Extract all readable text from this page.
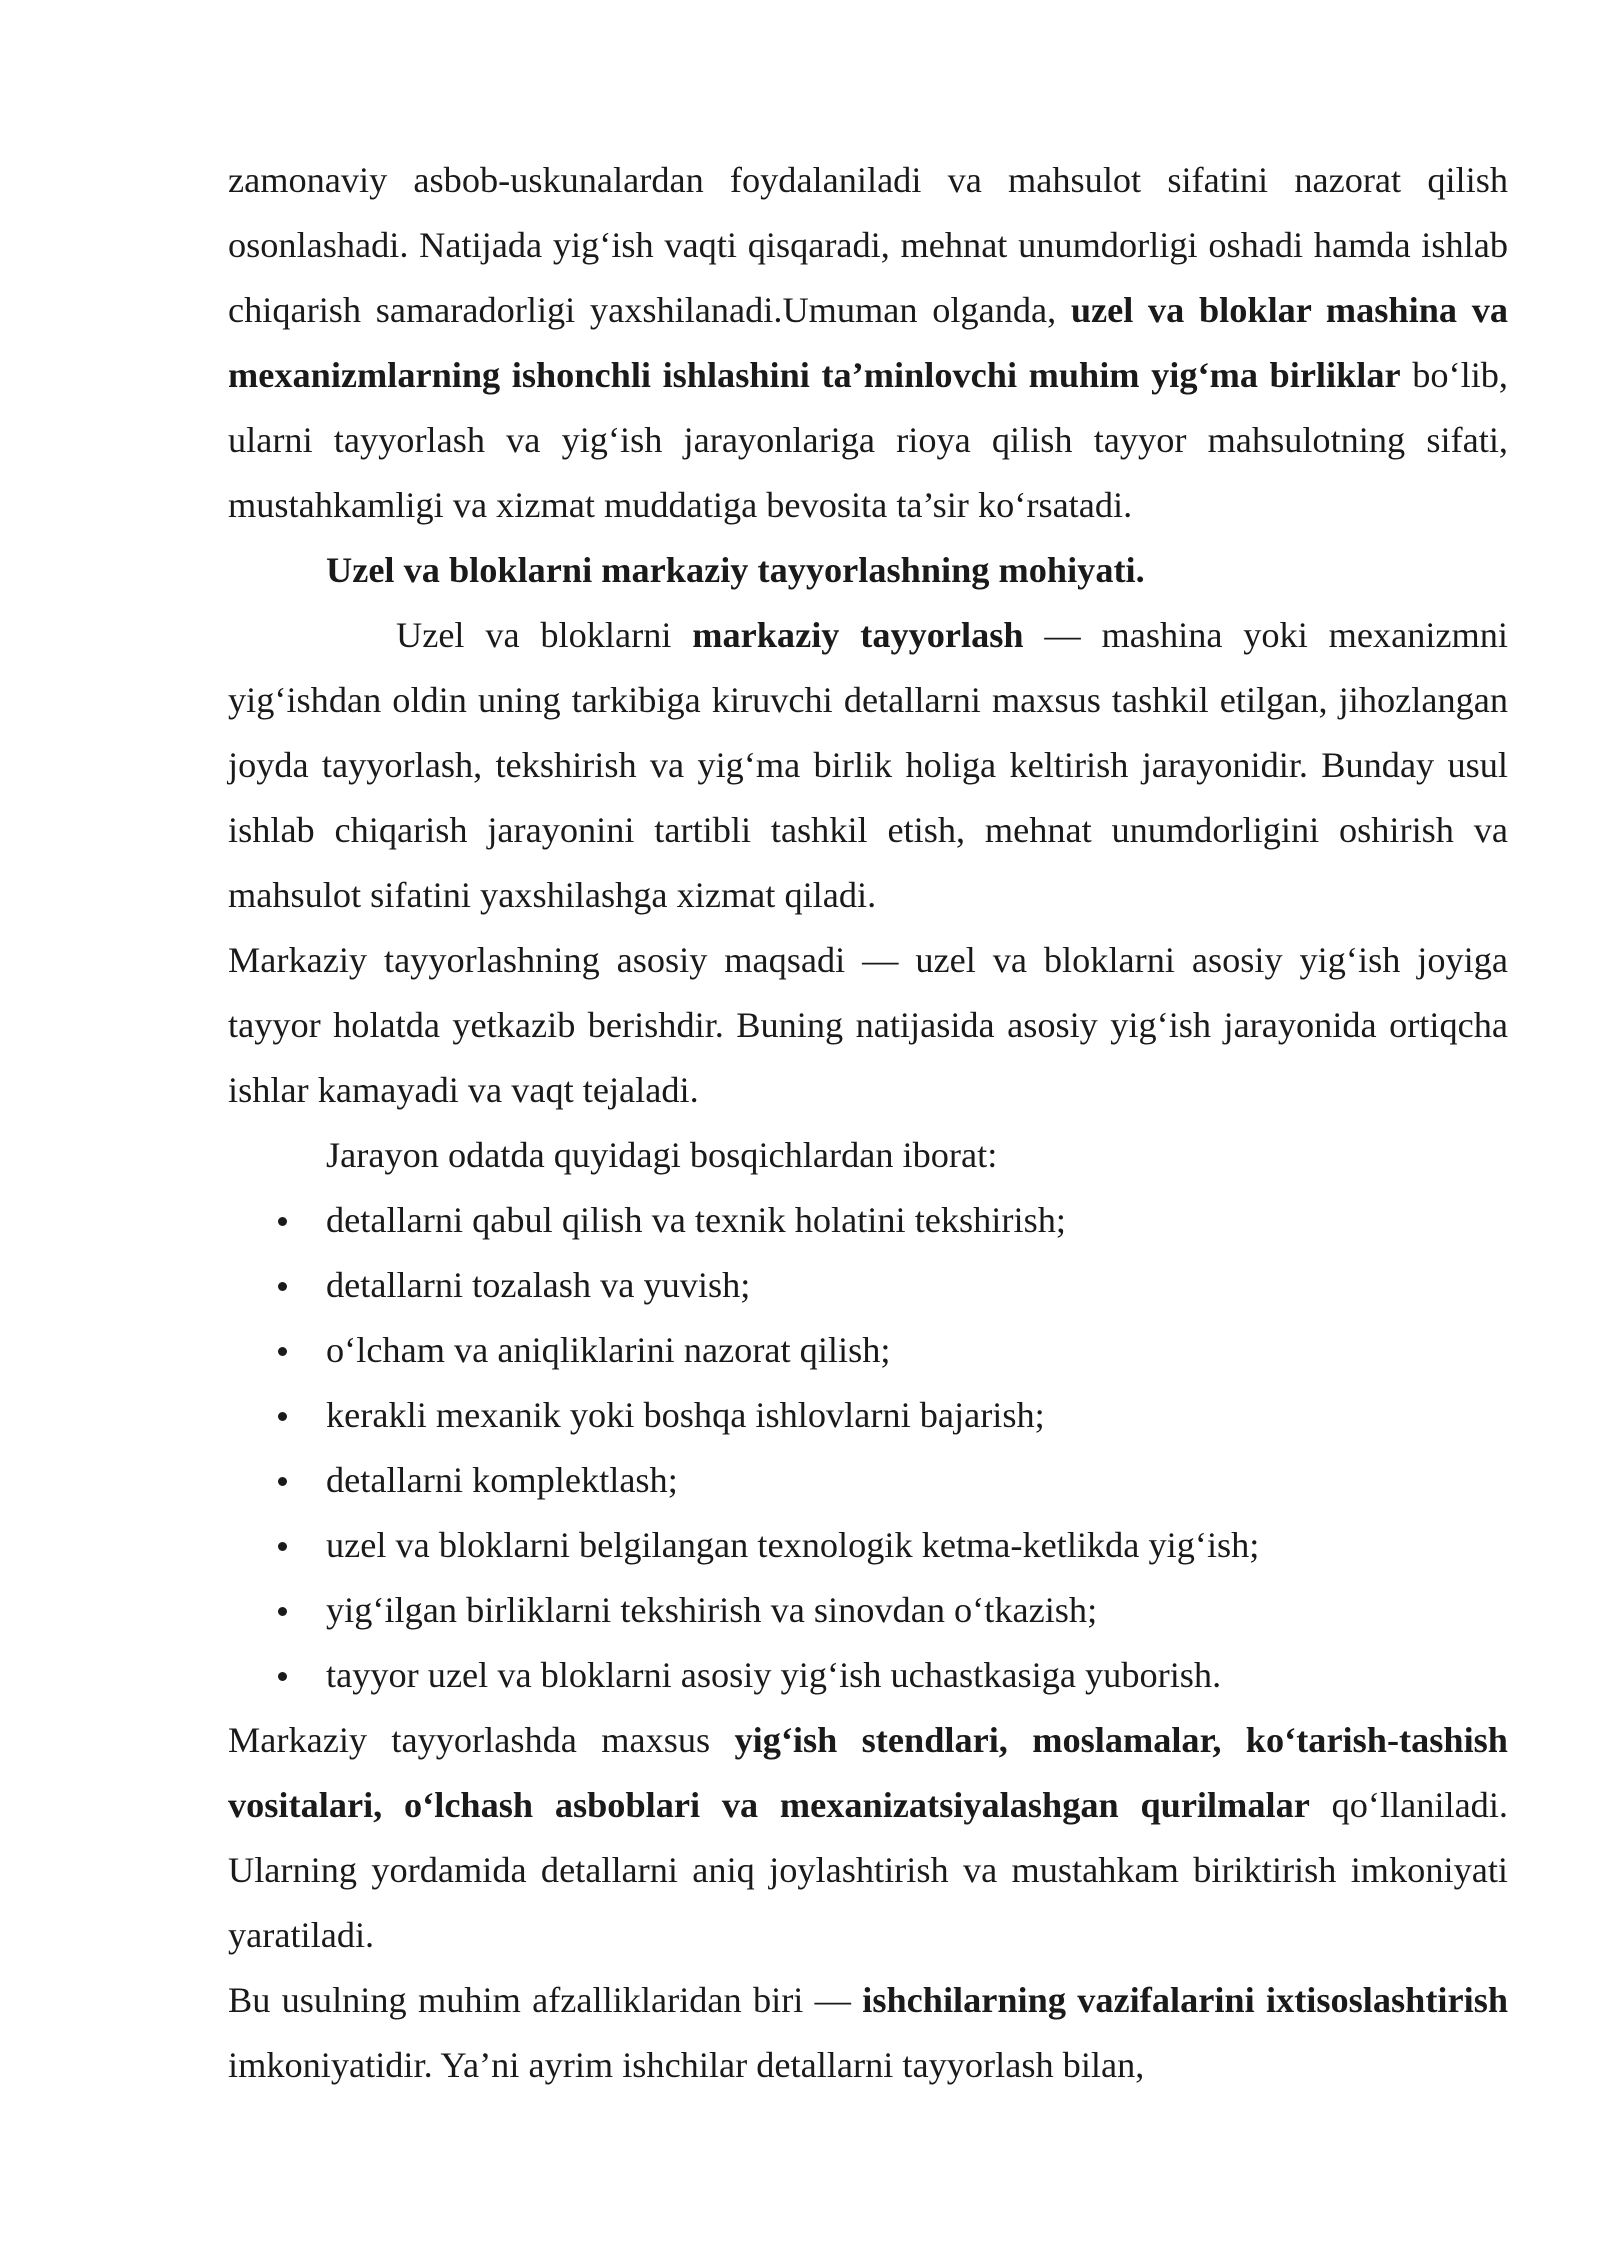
zamonaviy asbob-uskunalardan foydalaniladi va mahsulot sifatini nazorat qilish osonlashadi. Natijada yig‘ish vaqti qisqaradi, mehnat unumdorligi oshadi hamda ishlab chiqarish samaradorligi yaxshilanadi.Umuman olganda, uzel va bloklar mashina va mexanizmlarning ishonchli ishlashini ta’minlovchi muhim yig‘ma birliklar bo‘lib, ularni tayyorlash va yig‘ish jarayonlariga rioya qilish tayyor mahsulotning sifati, mustahkamligi va xizmat muddatiga bevosita ta’sir ko‘rsatadi.

Uzel va bloklarni markaziy tayyorlashning mohiyati.

Uzel va bloklarni markaziy tayyorlash — mashina yoki mexanizmni yig‘ishdan oldin uning tarkibiga kiruvchi detallarni maxsus tashkil etilgan, jihozlangan joyda tayyorlash, tekshirish va yig‘ma birlik holiga keltirish jarayonidir. Bunday usul ishlab chiqarish jarayonini tartibli tashkil etish, mehnat unumdorligini oshirish va mahsulot sifatini yaxshilashga xizmat qiladi.

Markaziy tayyorlashning asosiy maqsadi — uzel va bloklarni asosiy yig‘ish joyiga tayyor holatda yetkazib berishdir. Buning natijasida asosiy yig‘ish jarayonida ortiqcha ishlar kamayadi va vaqt tejaladi.

Jarayon odatda quyidagi bosqichlardan iborat:

detallarni qabul qilish va texnik holatini tekshirish;
detallarni tozalash va yuvish;
o‘lcham va aniqliklarini nazorat qilish;
kerakli mexanik yoki boshqa ishlovlarni bajarish;
detallarni komplektlash;
uzel va bloklarni belgilangan texnologik ketma-ketlikda yig‘ish;
yig‘ilgan birliklarni tekshirish va sinovdan o‘tkazish;
tayyor uzel va bloklarni asosiy yig‘ish uchastkasiga yuborish.

Markaziy tayyorlashda maxsus yig‘ish stendlari, moslamalar, ko‘tarish-tashish vositalari, o‘lchash asboblari va mexanizatsiyalashgan qurilmalar qo‘llaniladi. Ularning yordamida detallarni aniq joylashtirish va mustahkam biriktirish imkoniyati yaratiladi.

Bu usulning muhim afzalliklaridan biri — ishchilarning vazifalarini ixtisoslashtirish imkoniyatidir. Ya’ni ayrim ishchilar detallarni tayyorlash bilan,
